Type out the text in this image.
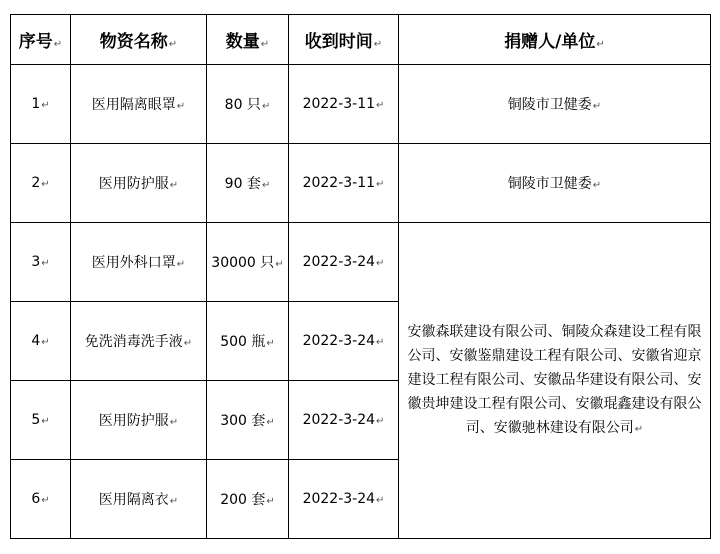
序号↵	物资名称↵	数量↵	收到时间↵	捐赠人/单位↵
1↵	医用隔离眼罩↵	80 只↵	2022-3-11↵	铜陵市卫健委↵
2↵	医用防护服↵	90 套↵	2022-3-11↵	铜陵市卫健委↵
3↵	医用外科口罩↵	30000 只↵	2022-3-24↵	安徽森联建设有限公司、铜陵众森建设工程有限公司、安徽鉴鼎建设工程有限公司、安徽省迎京建设工程有限公司、安徽品华建设有限公司、安徽贵坤建设工程有限公司、安徽琨鑫建设有限公司、安徽驰林建设有限公司↵
4↵	免洗消毒洗手液↵	500 瓶↵	2022-3-24↵	
5↵	医用防护服↵	300 套↵	2022-3-24↵	
6↵	医用隔离衣↵	200 套↵	2022-3-24↵	
